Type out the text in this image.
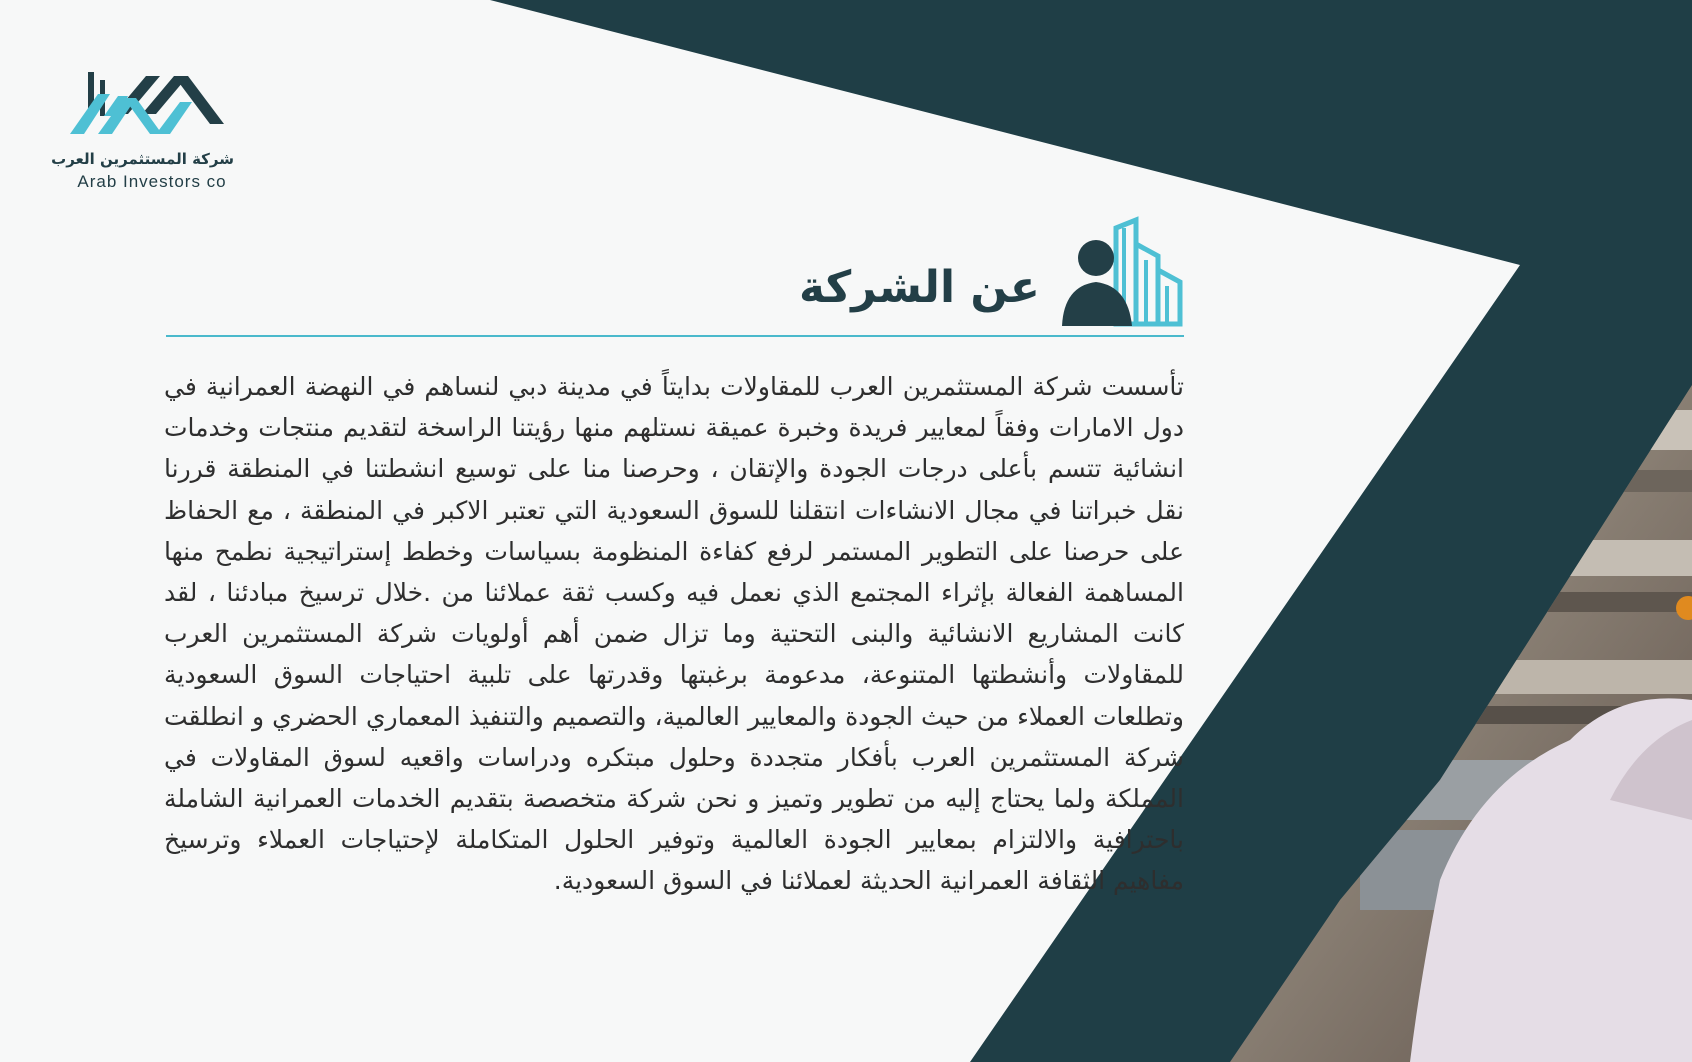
شركة المستثمرين العرب
Arab Investors co
عن الشركة

تأسست شركة المستثمرين العرب للمقاولات بدايتاً في مدينة دبي لنساهم في النهضة العمرانية في دول الامارات وفقاً لمعايير فريدة وخبرة عميقة نستلهم منها رؤيتنا الراسخة لتقديم منتجات وخدمات انشائية تتسم بأعلى درجات الجودة والإتقان ، وحرصنا منا على توسيع انشطتنا في المنطقة قررنا نقل خبراتنا في مجال الانشاءات انتقلنا للسوق السعودية التي تعتبر الاكبر في المنطقة ، مع الحفاظ على حرصنا على التطوير المستمر لرفع كفاءة المنظومة بسياسات وخطط إستراتيجية نطمح منها المساهمة الفعالة بإثراء المجتمع الذي نعمل فيه وكسب ثقة عملائنا من .خلال ترسيخ مبادئنا ، لقد كانت المشاريع الانشائية والبنى التحتية وما تزال ضمن أهم أولويات شركة المستثمرين العرب للمقاولات وأنشطتها المتنوعة، مدعومة برغبتها وقدرتها على تلبية احتياجات السوق السعودية وتطلعات العملاء من حيث الجودة والمعايير العالمية، والتصميم والتنفيذ المعماري الحضري و انطلقت شركة المستثمرين العرب بأفكار متجددة وحلول مبتكره ودراسات واقعيه لسوق المقاولات في المملكة ولما يحتاج إليه من تطوير وتميز و نحن شركة متخصصة بتقديم الخدمات العمرانية الشاملة باحترافية والالتزام بمعايير الجودة العالمية وتوفير الحلول المتكاملة لإحتياجات العملاء وترسيخ مفاهيم الثقافة العمرانية الحديثة لعملائنا في السوق السعودية.
